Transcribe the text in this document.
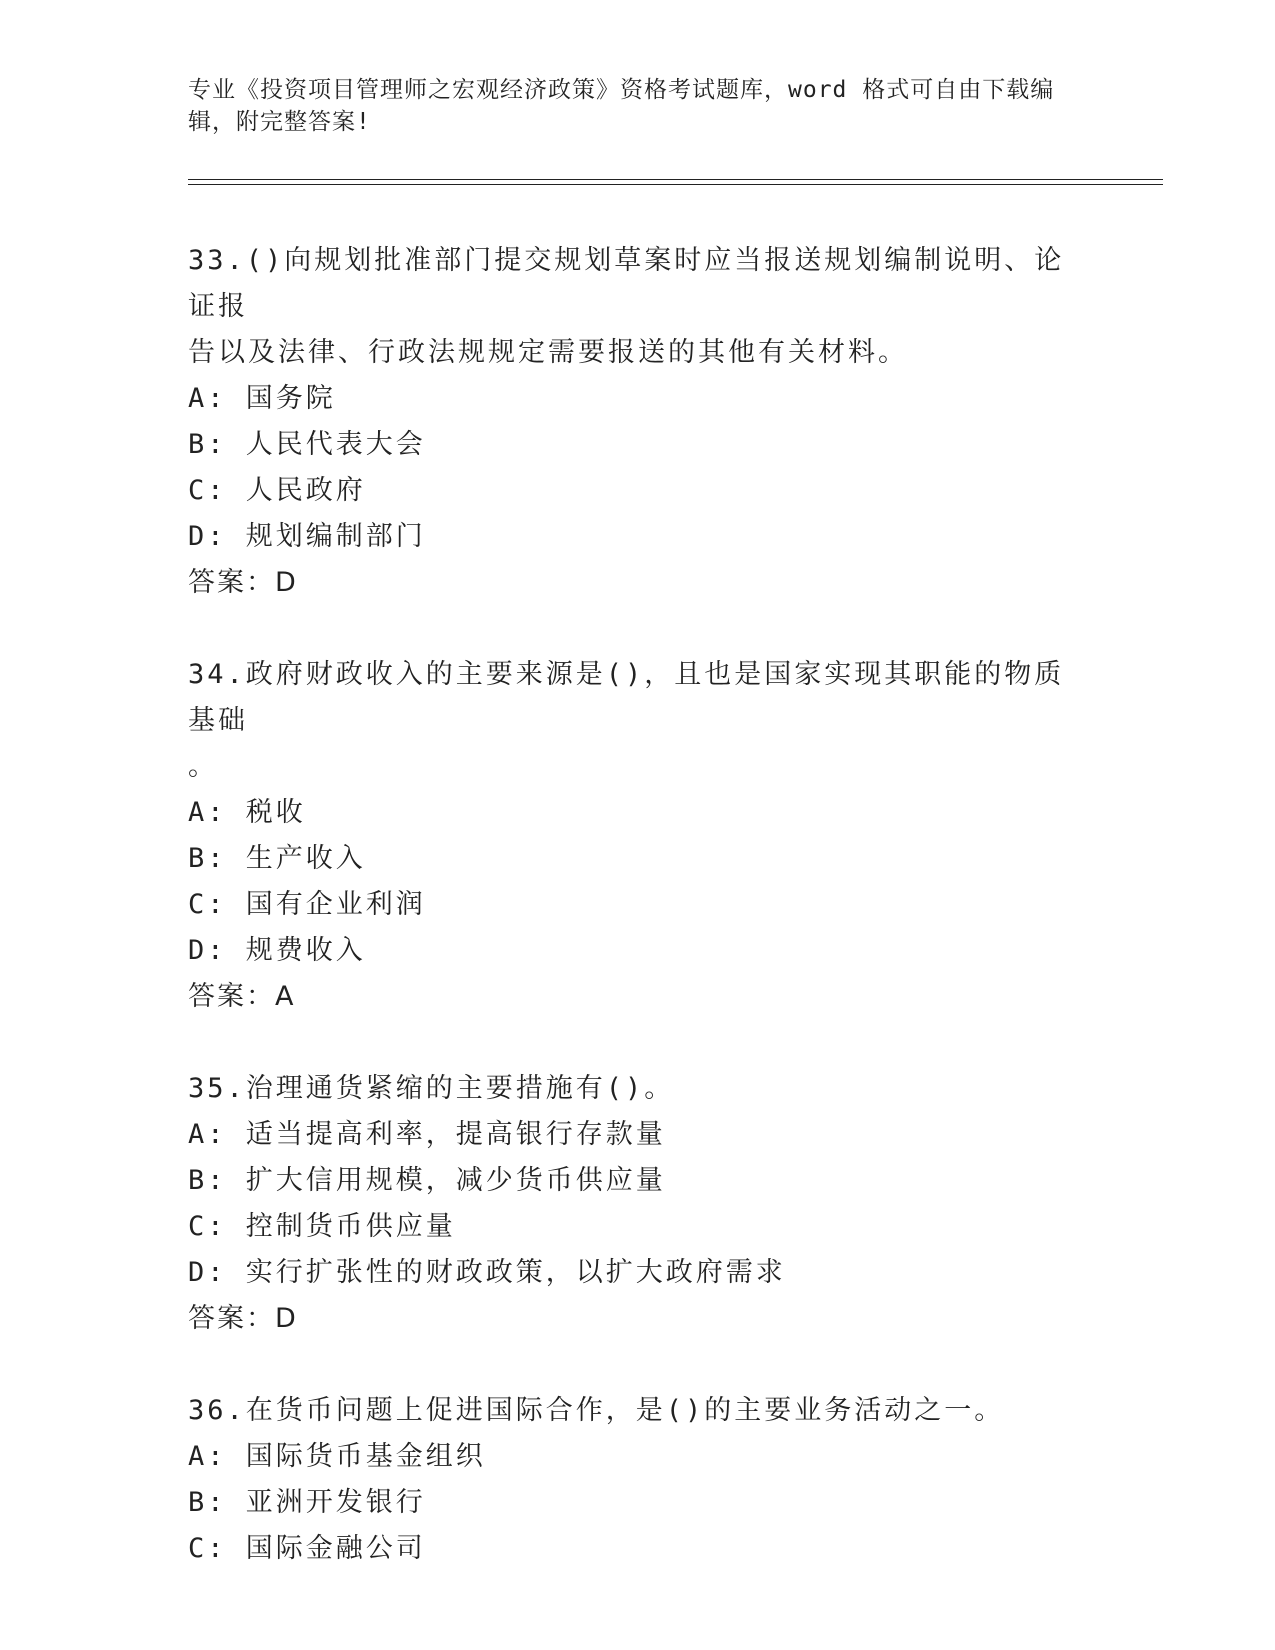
专业《投资项目管理师之宏观经济政策》资格考试题库，word 格式可自由下载编
辑，附完整答案!
33.()向规划批准部门提交规划草案时应当报送规划编制说明、论证报
告以及法律、行政法规规定需要报送的其他有关材料。
A: 国务院
B: 人民代表大会
C: 人民政府
D: 规划编制部门
答案：D
34.政府财政收入的主要来源是()，且也是国家实现其职能的物质基础
。
A: 税收
B: 生产收入
C: 国有企业利润
D: 规费收入
答案：A
35.治理通货紧缩的主要措施有()。
A: 适当提高利率，提高银行存款量
B: 扩大信用规模，减少货币供应量
C: 控制货币供应量
D: 实行扩张性的财政政策，以扩大政府需求
答案：D
36.在货币问题上促进国际合作，是()的主要业务活动之一。
A: 国际货币基金组织
B: 亚洲开发银行
C: 国际金融公司
